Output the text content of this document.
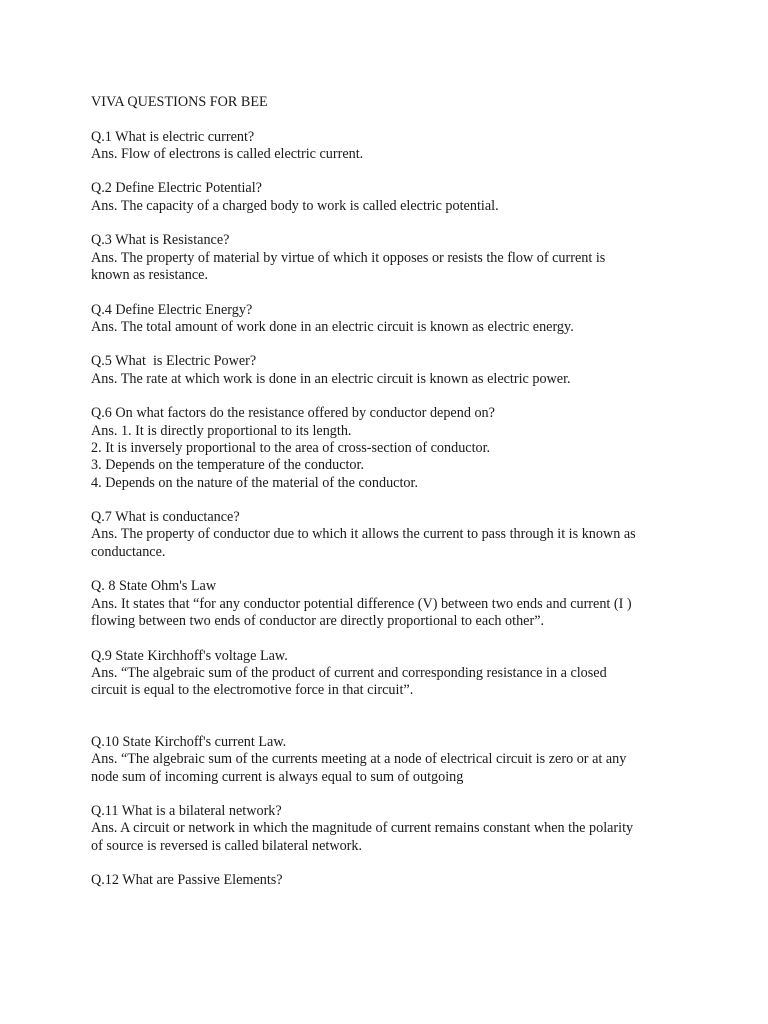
VIVA QUESTIONS FOR BEE
Q.1 What is electric current?
Ans. Flow of electrons is called electric current.
Q.2 Define Electric Potential?
Ans. The capacity of a charged body to work is called electric potential.
Q.3 What is Resistance?
Ans. The property of material by virtue of which it opposes or resists the flow of current is
known as resistance.
Q.4 Define Electric Energy?
Ans. The total amount of work done in an electric circuit is known as electric energy.
Q.5 What  is Electric Power?
Ans. The rate at which work is done in an electric circuit is known as electric power.
Q.6 On what factors do the resistance offered by conductor depend on?
Ans. 1. It is directly proportional to its length.
2. It is inversely proportional to the area of cross-section of conductor.
3. Depends on the temperature of the conductor.
4. Depends on the nature of the material of the conductor.
Q.7 What is conductance?
Ans. The property of conductor due to which it allows the current to pass through it is known as
conductance.
Q. 8 State Ohm's Law
Ans. It states that “for any conductor potential difference (V) between two ends and current (I )
flowing between two ends of conductor are directly proportional to each other”.
Q.9 State Kirchhoff's voltage Law.
Ans. “The algebraic sum of the product of current and corresponding resistance in a closed
circuit is equal to the electromotive force in that circuit”.
Q.10 State Kirchoff's current Law.
Ans. “The algebraic sum of the currents meeting at a node of electrical circuit is zero or at any
node sum of incoming current is always equal to sum of outgoing
Q.11 What is a bilateral network?
Ans. A circuit or network in which the magnitude of current remains constant when the polarity
of source is reversed is called bilateral network.
Q.12 What are Passive Elements?
